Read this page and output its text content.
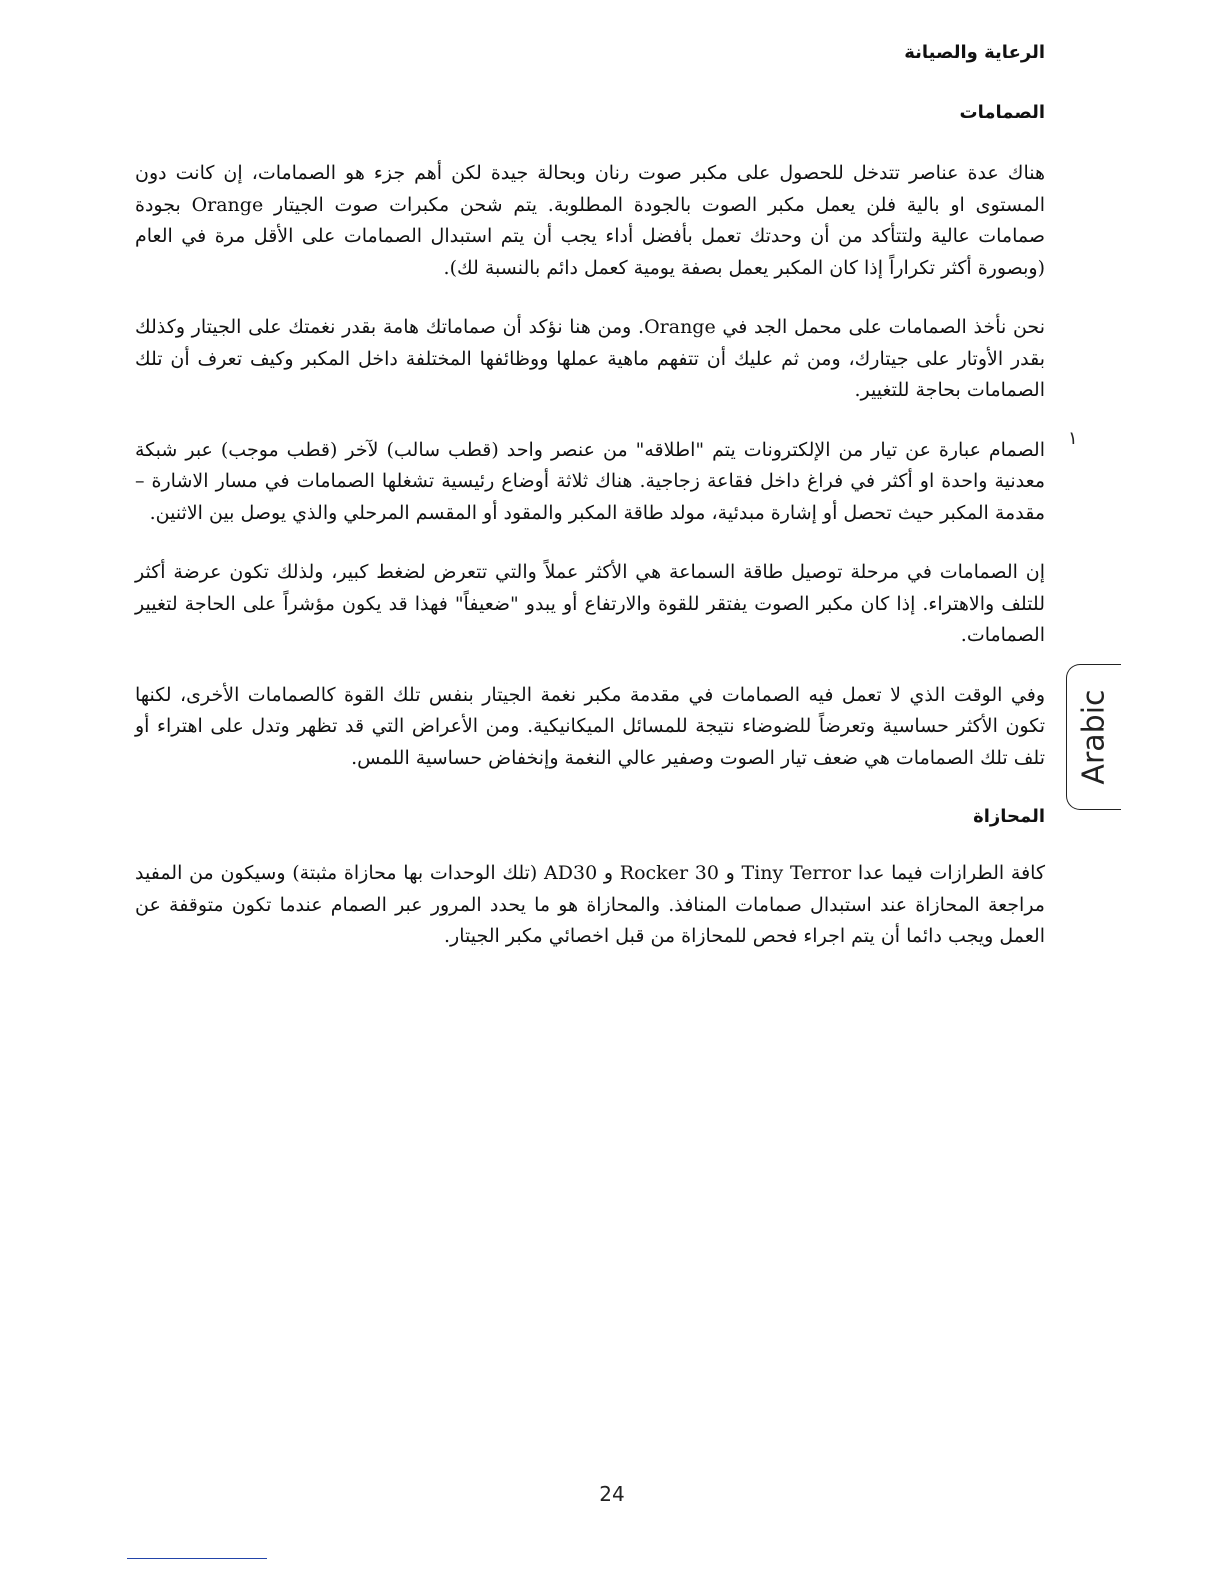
الرعاية والصيانة
الصمامات

هناك عدة عناصر تتدخل للحصول على مكبر صوت رنان وبحالة جيدة لكن أهم جزء هو الصمامات، إن كانت دون المستوى او بالية فلن يعمل مكبر الصوت بالجودة المطلوبة. يتم شحن مكبرات صوت الجيتار Orange بجودة صمامات عالية ولتتأكد من أن وحدتك تعمل بأفضل أداء يجب أن يتم استبدال الصمامات على الأقل مرة في العام (وبصورة أكثر تكراراً إذا كان المكبر يعمل بصفة يومية كعمل دائم بالنسبة لك).

نحن نأخذ الصمامات على محمل الجد في Orange. ومن هنا نؤكد أن صماماتك هامة بقدر نغمتك على الجيتار وكذلك بقدر الأوتار على جيتارك، ومن ثم عليك أن تتفهم ماهية عملها ووظائفها المختلفة داخل المكبر وكيف تعرف أن تلك الصمامات بحاجة للتغيير.

الصمام عبارة عن تيار من الإلكترونات يتم "اطلاقه" من عنصر واحد (قطب سالب) لآخر (قطب موجب) عبر شبكة معدنية واحدة او أكثر في فراغ داخل فقاعة زجاجية. هناك ثلاثة أوضاع رئيسية تشغلها الصمامات في مسار الاشارة – مقدمة المكبر حيث تحصل أو إشارة مبدئية، مولد طاقة المكبر والمقود أو المقسم المرحلي والذي يوصل بين الاثنين.

إن الصمامات في مرحلة توصيل طاقة السماعة هي الأكثر عملاً والتي تتعرض لضغط كبير، ولذلك تكون عرضة أكثر للتلف والاهتراء. إذا كان مكبر الصوت يفتقر للقوة والارتفاع أو يبدو "ضعيفاً" فهذا قد يكون مؤشراً على الحاجة لتغيير الصمامات.

وفي الوقت الذي لا تعمل فيه الصمامات في مقدمة مكبر نغمة الجيتار بنفس تلك القوة كالصمامات الأخرى، لكنها تكون الأكثر حساسية وتعرضاً للضوضاء نتيجة للمسائل الميكانيكية. ومن الأعراض التي قد تظهر وتدل على اهتراء أو تلف تلك الصمامات هي ضعف تيار الصوت وصفير عالي النغمة وإنخفاض حساسية اللمس.

المحازاة

كافة الطرازات فيما عدا Tiny Terror و Rocker 30 و AD30 (تلك الوحدات بها محازاة مثبتة) وسيكون من المفيد مراجعة المحازاة عند استبدال صمامات المنافذ. والمحازاة هو ما يحدد المرور عبر الصمام عندما تكون متوقفة عن العمل ويجب دائما أن يتم اجراء فحص للمحازاة من قبل اخصائي مكبر الجيتار.

١
Arabic
24
